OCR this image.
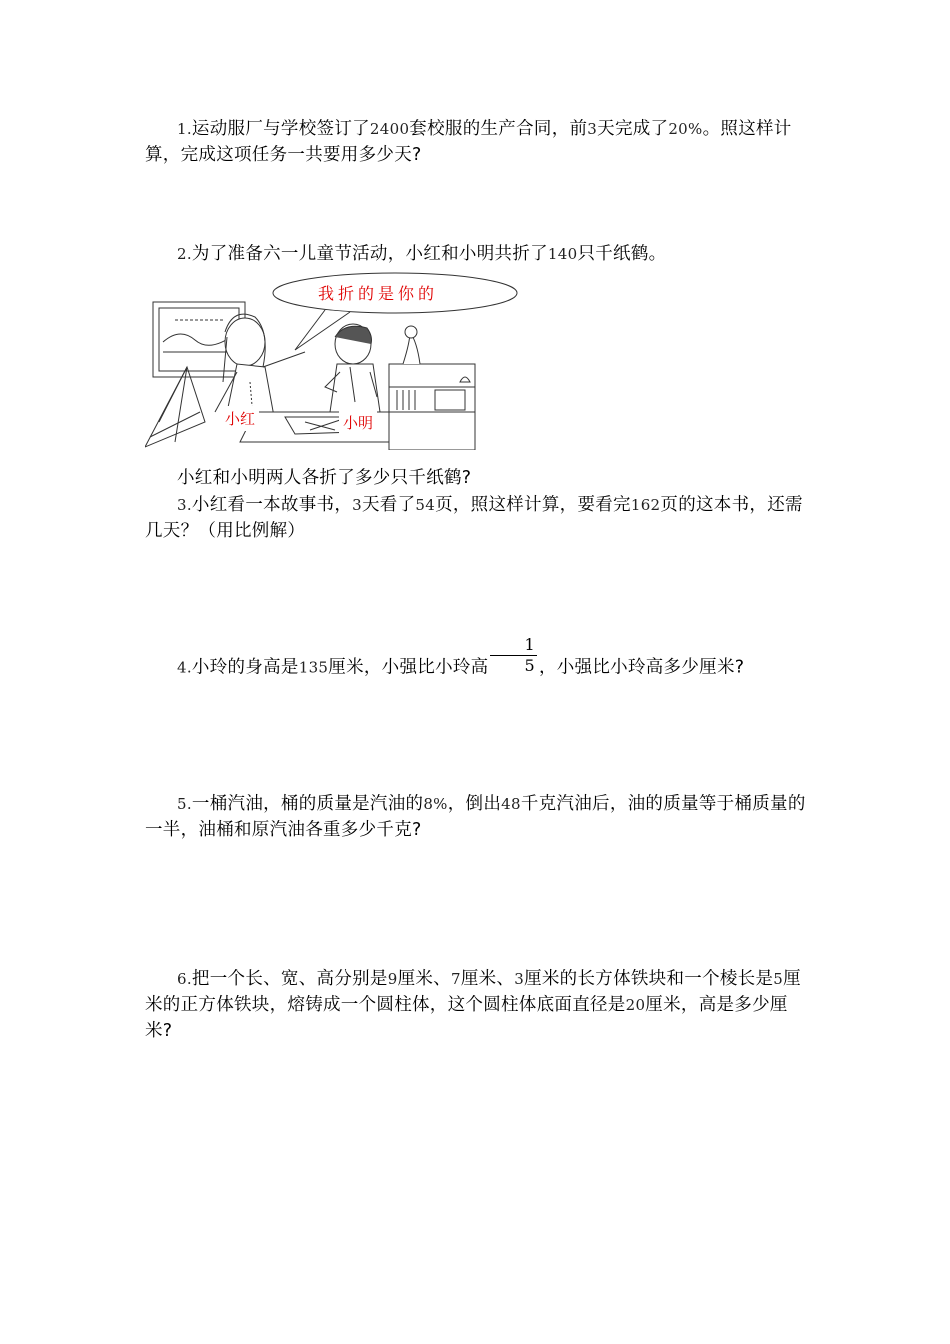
1.运动服厂与学校签订了2400套校服的生产合同，前3天完成了20%。照这样计算，完成这项任务一共要用多少天?
2.为了准备六一儿童节活动，小红和小明共折了140只千纸鹤。
我折的是你的
小红	小明
小红和小明两人各折了多少只千纸鹤?
3.小红看一本故事书，3天看了54页，照这样计算，要看完162页的这本书，还需几天？（用比例解）
4.小玲的身高是135厘米，小强比小玲高 $\frac{1}{5}$ ，小强比小玲高多少厘米?
5.一桶汽油，桶的质量是汽油的8%，倒出48千克汽油后，油的质量等于桶质量的一半，油桶和原汽油各重多少千克?
6.把一个长、宽、高分别是9厘米、7厘米、3厘米的长方体铁块和一个棱长是5厘米的正方体铁块，熔铸成一个圆柱体，这个圆柱体底面直径是20厘米，高是多少厘米?
